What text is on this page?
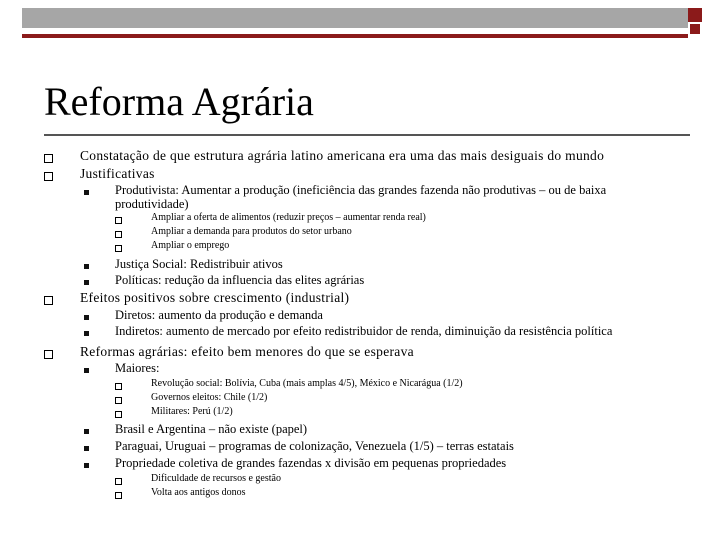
Reforma Agrária
Constatação de que estrutura agrária latino americana era uma das mais desiguais do mundo
Justificativas
Produtivista: Aumentar a produção (ineficiência das grandes fazenda não produtivas – ou de baixa
produtividade)
Ampliar a oferta de alimentos (reduzir preços – aumentar renda real)
Ampliar a demanda para produtos do setor urbano
Ampliar o emprego
Justiça Social: Redistribuir ativos
Políticas: redução da influencia das elites agrárias
Efeitos positivos sobre crescimento (industrial)
Diretos: aumento da produção e demanda
Indiretos: aumento de mercado por efeito redistribuidor de renda, diminuição da resistência política
Reformas agrárias: efeito bem menores do que se esperava
Maiores:
Revolução social: Bolívia, Cuba (mais amplas 4/5), México e Nicarágua (1/2)
Governos eleitos: Chile (1/2)
Militares: Perú (1/2)
Brasil e Argentina – não existe (papel)
Paraguai, Uruguai – programas de colonização, Venezuela (1/5) – terras estatais
Propriedade coletiva de grandes fazendas x divisão em pequenas propriedades
Dificuldade de recursos e gestão
Volta aos antigos donos
